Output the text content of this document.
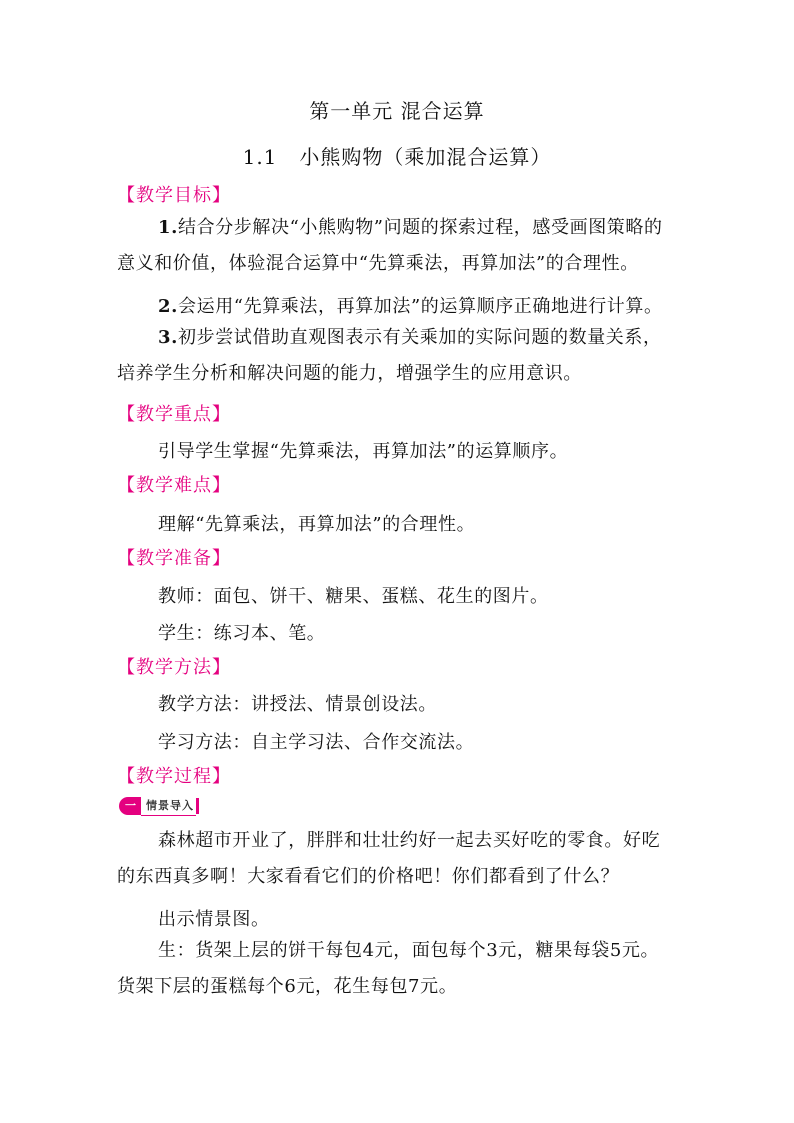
第一单元 混合运算
1.1 小熊购物（乘加混合运算）
【教学目标】
1.结合分步解决“小熊购物”问题的探索过程，感受画图策略的意义和价值，体验混合运算中“先算乘法，再算加法”的合理性。
2.会运用“先算乘法，再算加法”的运算顺序正确地进行计算。
3.初步尝试借助直观图表示有关乘加的实际问题的数量关系，培养学生分析和解决问题的能力，增强学生的应用意识。
【教学重点】
引导学生掌握“先算乘法，再算加法”的运算顺序。
【教学难点】
理解“先算乘法，再算加法”的合理性。
【教学准备】
教师：面包、饼干、糖果、蛋糕、花生的图片。
学生：练习本、笔。
【教学方法】
教学方法：讲授法、情景创设法。
学习方法：自主学习法、合作交流法。
【教学过程】
一 情景导入
森林超市开业了，胖胖和壮壮约好一起去买好吃的零食。好吃的东西真多啊！大家看看它们的价格吧！你们都看到了什么？
出示情景图。
生：货架上层的饼干每包4元，面包每个3元，糖果每袋5元。货架下层的蛋糕每个6元，花生每包7元。
